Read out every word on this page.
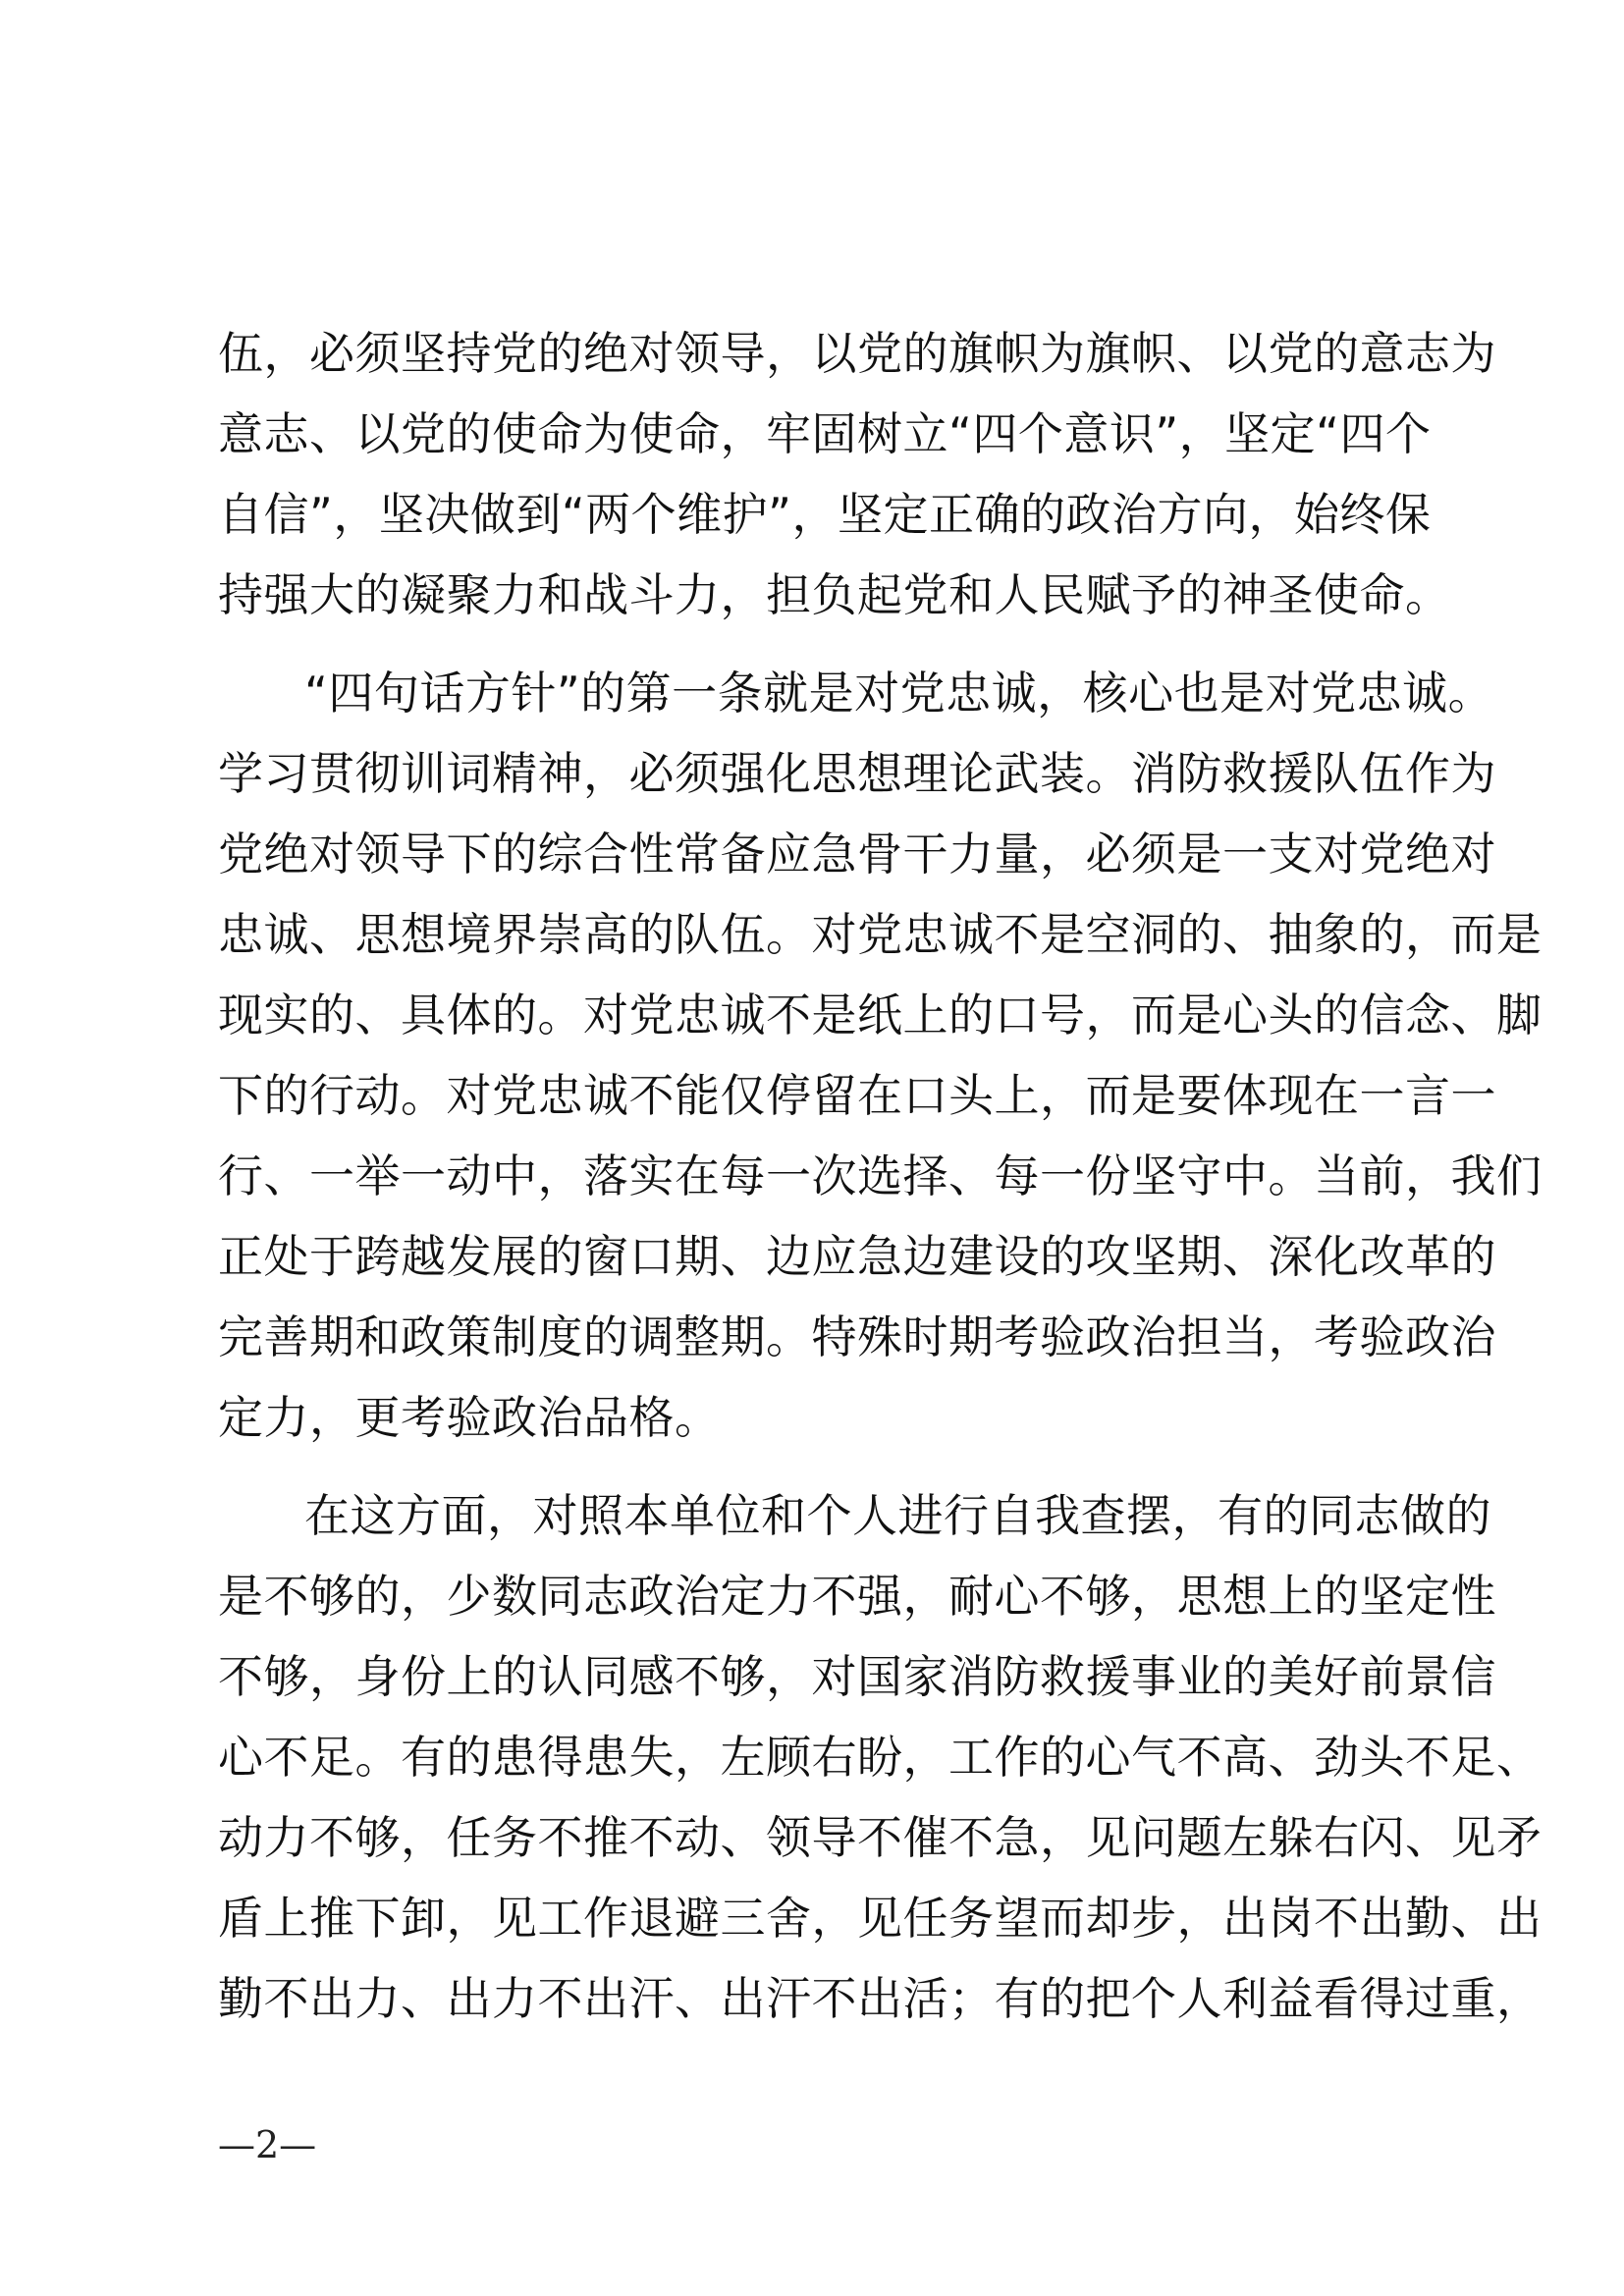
伍，必须坚持党的绝对领导，以党的旗帜为旗帜、以党的意志为
意志、以党的使命为使命，牢固树立“四个意识”，坚定“四个
自信”，坚决做到“两个维护”，坚定正确的政治方向，始终保
持强大的凝聚力和战斗力，担负起党和人民赋予的神圣使命。
“四句话方针”的第一条就是对党忠诚，核心也是对党忠诚。
学习贯彻训词精神，必须强化思想理论武装。消防救援队伍作为
党绝对领导下的综合性常备应急骨干力量，必须是一支对党绝对
忠诚、思想境界崇高的队伍。对党忠诚不是空洞的、抽象的，而是
现实的、具体的。对党忠诚不是纸上的口号，而是心头的信念、脚
下的行动。对党忠诚不能仅停留在口头上，而是要体现在一言一
行、一举一动中，落实在每一次选择、每一份坚守中。当前，我们
正处于跨越发展的窗口期、边应急边建设的攻坚期、深化改革的
完善期和政策制度的调整期。特殊时期考验政治担当，考验政治
定力，更考验政治品格。
在这方面，对照本单位和个人进行自我查摆，有的同志做的
是不够的，少数同志政治定力不强，耐心不够，思想上的坚定性
不够，身份上的认同感不够，对国家消防救援事业的美好前景信
心不足。有的患得患失，左顾右盼，工作的心气不高、劲头不足、
动力不够，任务不推不动、领导不催不急，见问题左躲右闪、见矛
盾上推下卸，见工作退避三舍，见任务望而却步，出岗不出勤、出
勤不出力、出力不出汗、出汗不出活；有的把个人利益看得过重，
—2—
